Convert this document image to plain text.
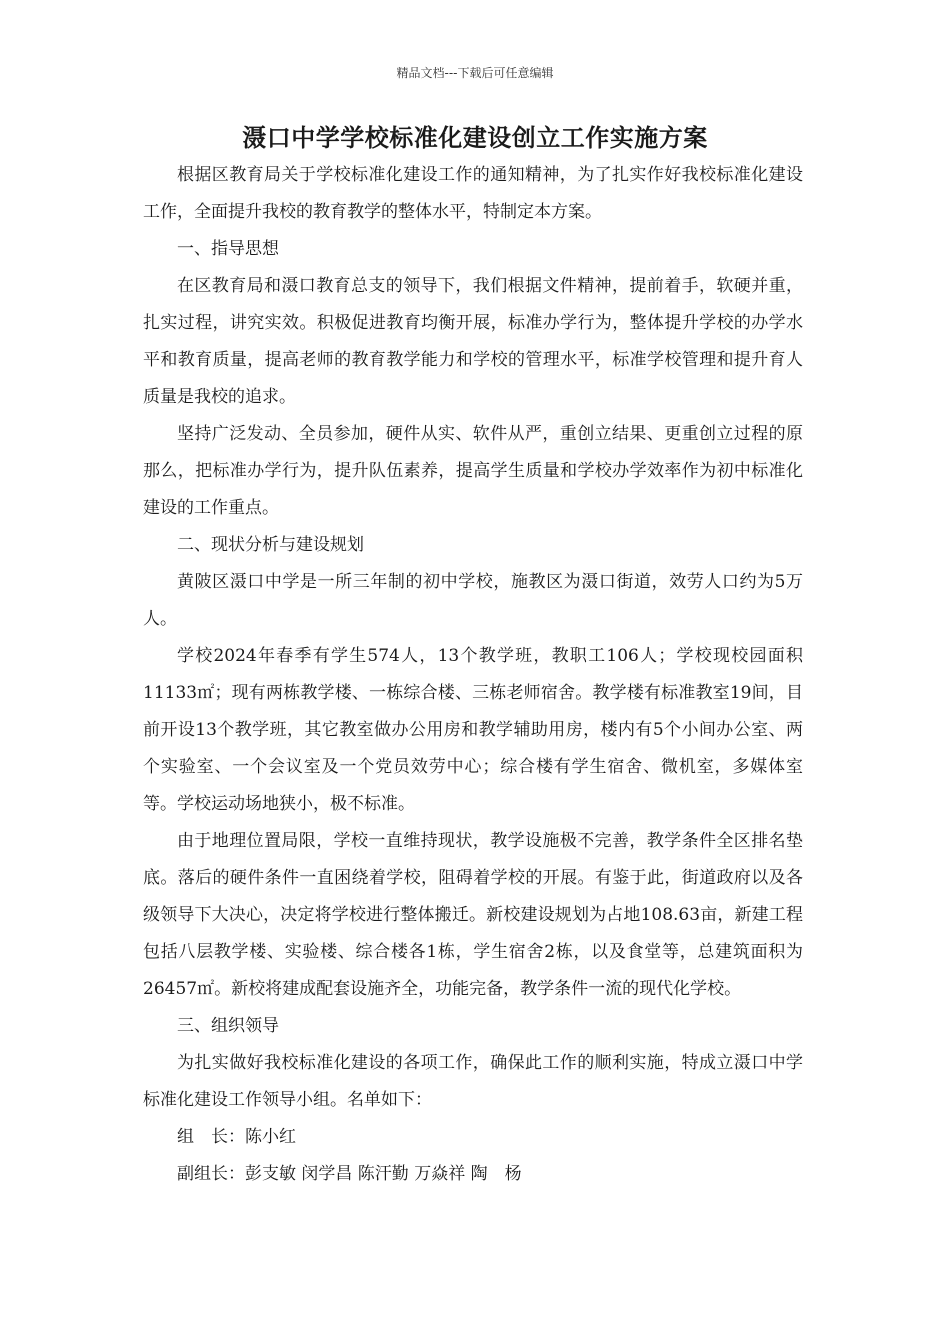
精品文档---下载后可任意编辑
滠口中学学校标准化建设创立工作实施方案

根据区教育局关于学校标准化建设工作的通知精神，为了扎实作好我校标准化建设工作，全面提升我校的教育教学的整体水平，特制定本方案。

一、指导思想

在区教育局和滠口教育总支的领导下，我们根据文件精神，提前着手，软硬并重，扎实过程，讲究实效。积极促进教育均衡开展，标准办学行为，整体提升学校的办学水平和教育质量，提高老师的教育教学能力和学校的管理水平，标准学校管理和提升育人质量是我校的追求。

坚持广泛发动、全员参加，硬件从实、软件从严，重创立结果、更重创立过程的原那么，把标准办学行为，提升队伍素养，提高学生质量和学校办学效率作为初中标准化建设的工作重点。

二、现状分析与建设规划

黄陂区滠口中学是一所三年制的初中学校，施教区为滠口街道，效劳人口约为5万人。

学校2024年春季有学生574人，13个教学班，教职工106人；学校现校园面积11133㎡；现有两栋教学楼、一栋综合楼、三栋老师宿舍。教学楼有标准教室19间，目前开设13个教学班，其它教室做办公用房和教学辅助用房，楼内有5个小间办公室、两个实验室、一个会议室及一个党员效劳中心；综合楼有学生宿舍、微机室，多媒体室等。学校运动场地狭小，极不标准。

由于地理位置局限，学校一直维持现状，教学设施极不完善，教学条件全区排名垫底。落后的硬件条件一直困绕着学校，阻碍着学校的开展。有鉴于此，街道政府以及各级领导下大决心，决定将学校进行整体搬迁。新校建设规划为占地108.63亩，新建工程包括八层教学楼、实验楼、综合楼各1栋，学生宿舍2栋，以及食堂等，总建筑面积为26457㎡。新校将建成配套设施齐全，功能完备，教学条件一流的现代化学校。

三、组织领导

为扎实做好我校标准化建设的各项工作，确保此工作的顺利实施，特成立滠口中学标准化建设工作领导小组。名单如下：

组　长：陈小红

副组长：彭支敏 闵学昌 陈汗勤 万焱祥 陶　杨
